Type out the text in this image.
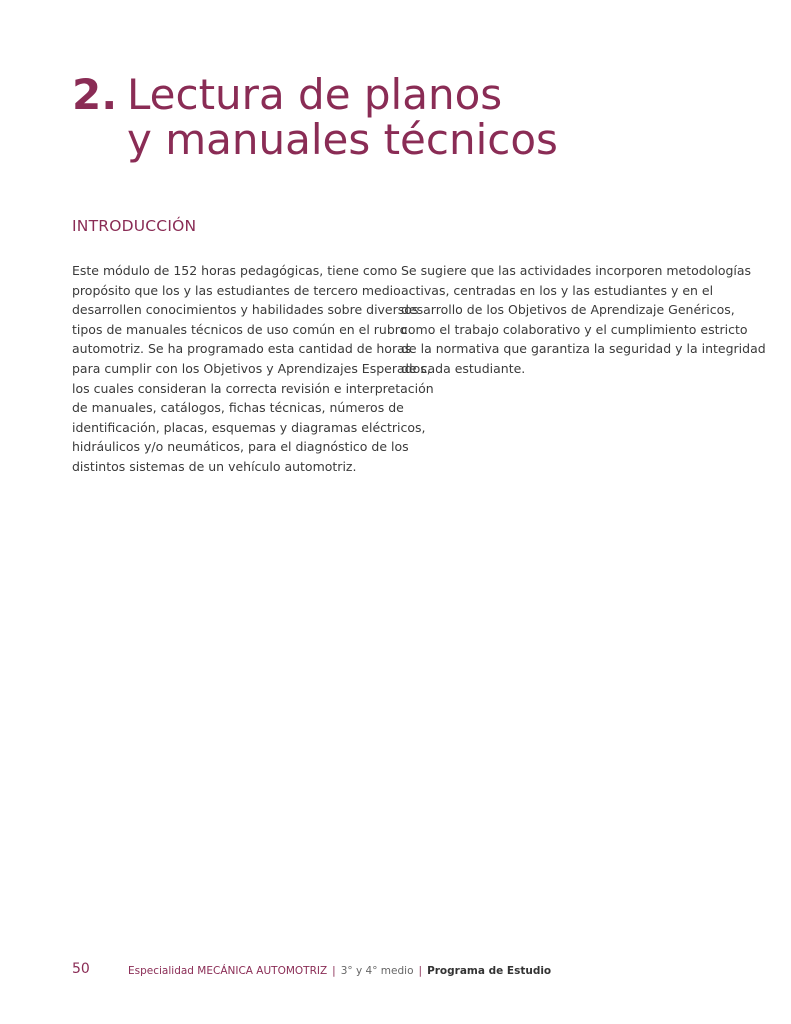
2. Lectura de planos
y manuales técnicos
INTRODUCCIÓN

Este módulo de 152 horas pedagógicas, tiene como
propósito que los y las estudiantes de tercero medio
desarrollen conocimientos y habilidades sobre diversos
tipos de manuales técnicos de uso común en el rubro
automotriz. Se ha programado esta cantidad de horas
para cumplir con los Objetivos y Aprendizajes Esperados,
los cuales consideran la correcta revisión e interpretación
de manuales, catálogos, fichas técnicas, números de
identificación, placas, esquemas y diagramas eléctricos,
hidráulicos y/o neumáticos, para el diagnóstico de los
distintos sistemas de un vehículo automotriz.

Se sugiere que las actividades incorporen metodologías
activas, centradas en los y las estudiantes y en el
desarrollo de los Objetivos de Aprendizaje Genéricos,
como el trabajo colaborativo y el cumplimiento estricto
de la normativa que garantiza la seguridad y la integridad
de cada estudiante.

50	Especialidad MECÁNICA AUTOMOTRIZ | 3° y 4° medio | Programa de Estudio
